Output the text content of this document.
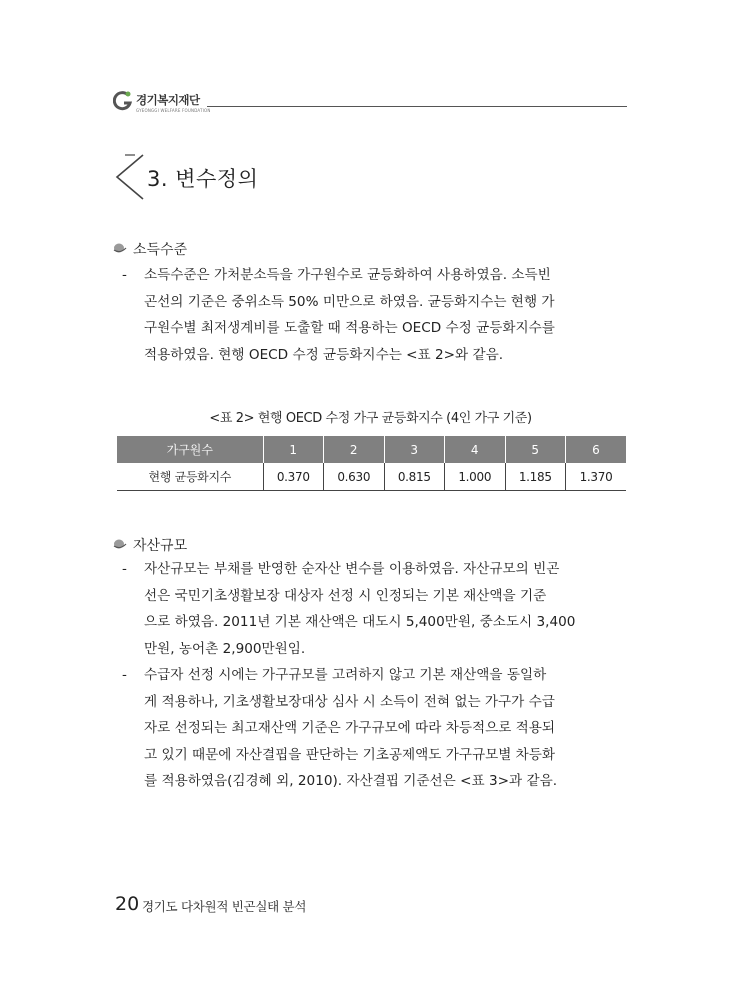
경기복지재단
GYEONGGI WELFARE FOUNDATION
3. 변수정의
소득수준
-	소득수준은 가처분소득을 가구원수로 균등화하여 사용하였음. 소득빈
곤선의 기준은 중위소득 50% 미만으로 하였음. 균등화지수는 현행 가
구원수별 최저생계비를 도출할 때 적용하는 OECD 수정 균등화지수를
적용하였음. 현행 OECD 수정 균등화지수는 <표 2>와 같음.
<표 2> 현행 OECD 수정 가구 균등화지수 (4인 가구 기준)
가구원수	1	2	3	4	5	6
현행 균등화지수	0.370	0.630	0.815	1.000	1.185	1.370
자산규모
-	자산규모는 부채를 반영한 순자산 변수를 이용하였음. 자산규모의 빈곤
선은 국민기초생활보장 대상자 선정 시 인정되는 기본 재산액을 기준
으로 하였음. 2011년 기본 재산액은 대도시 5,400만원, 중소도시 3,400
만원, 농어촌 2,900만원임.
-	수급자 선정 시에는 가구규모를 고려하지 않고 기본 재산액을 동일하
게 적용하나, 기초생활보장대상 심사 시 소득이 전혀 없는 가구가 수급
자로 선정되는 최고재산액 기준은 가구규모에 따라 차등적으로 적용되
고 있기 때문에 자산결핍을 판단하는 기초공제액도 가구규모별 차등화
를 적용하였음(김경혜 외, 2010). 자산결핍 기준선은 <표 3>과 같음.
20 경기도 다차원적 빈곤실태 분석
